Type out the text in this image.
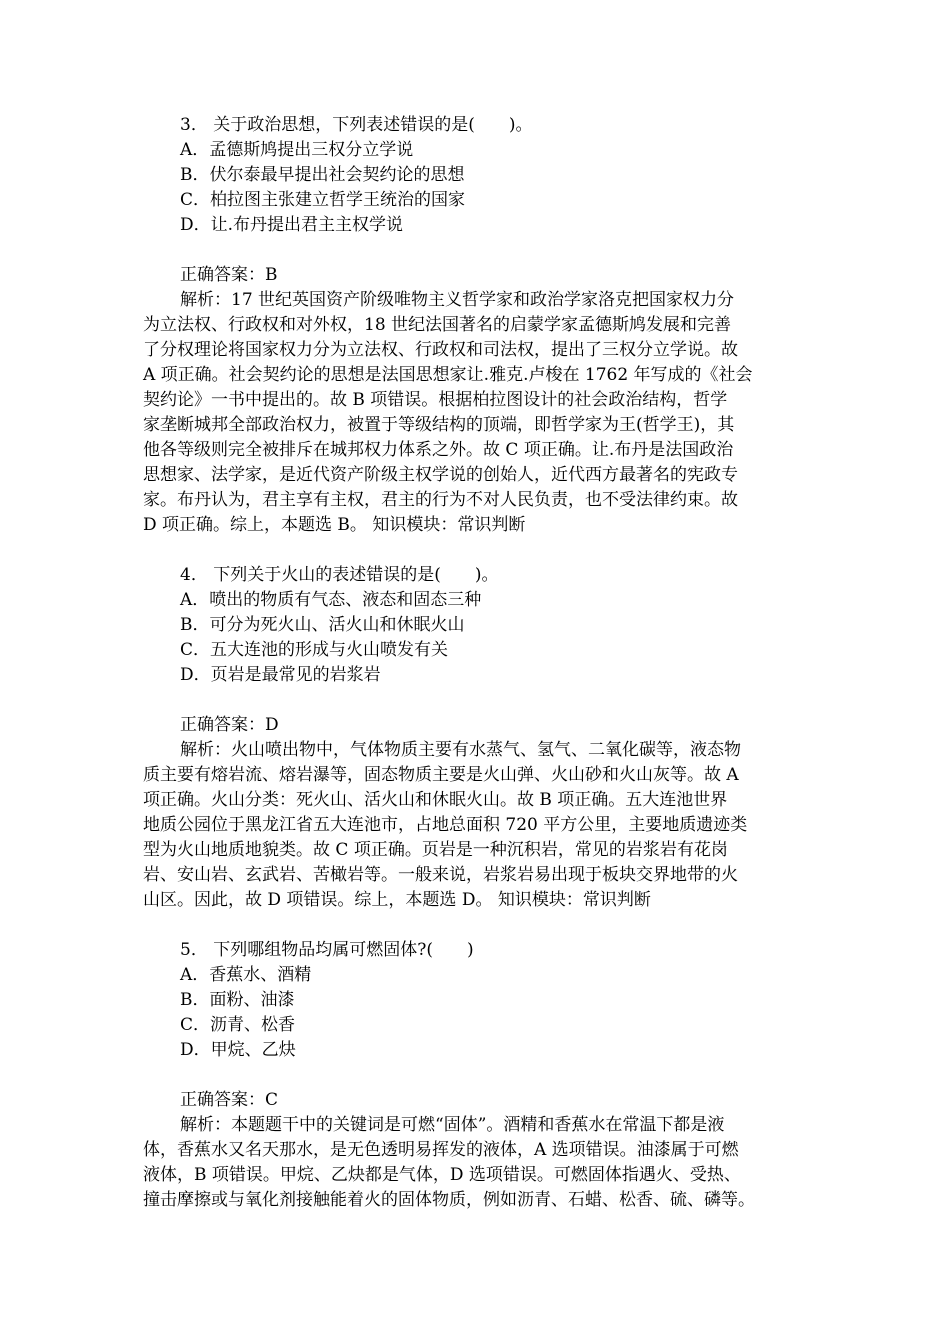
3． 关于政治思想，下列表述错误的是(　　)。

A．孟德斯鸠提出三权分立学说

B．伏尔泰最早提出社会契约论的思想

C．柏拉图主张建立哲学王统治的国家

D．让.布丹提出君主主权学说

正确答案：B

解析：17 世纪英国资产阶级唯物主义哲学家和政治学家洛克把国家权力分

为立法权、行政权和对外权，18 世纪法国著名的启蒙学家孟德斯鸠发展和完善

了分权理论将国家权力分为立法权、行政权和司法权，提出了三权分立学说。故

A 项正确。社会契约论的思想是法国思想家让.雅克.卢梭在 1762 年写成的《社会

契约论》一书中提出的。故 B 项错误。根据柏拉图设计的社会政治结构，哲学

家垄断城邦全部政治权力，被置于等级结构的顶端，即哲学家为王(哲学王)，其

他各等级则完全被排斥在城邦权力体系之外。故 C 项正确。让.布丹是法国政治

思想家、法学家，是近代资产阶级主权学说的创始人，近代西方最著名的宪政专

家。布丹认为，君主享有主权，君主的行为不对人民负责，也不受法律约束。故

D 项正确。综上，本题选 B。 知识模块：常识判断

4． 下列关于火山的表述错误的是(　　)。

A．喷出的物质有气态、液态和固态三种

B．可分为死火山、活火山和休眠火山

C．五大连池的形成与火山喷发有关

D．页岩是最常见的岩浆岩

正确答案：D

解析：火山喷出物中，气体物质主要有水蒸气、氢气、二氧化碳等，液态物

质主要有熔岩流、熔岩瀑等，固态物质主要是火山弹、火山砂和火山灰等。故 A

项正确。火山分类：死火山、活火山和休眠火山。故 B 项正确。五大连池世界

地质公园位于黑龙江省五大连池市，占地总面积 720 平方公里，主要地质遗迹类

型为火山地质地貌类。故 C 项正确。页岩是一种沉积岩，常见的岩浆岩有花岗

岩、安山岩、玄武岩、苦橄岩等。一般来说，岩浆岩易出现于板块交界地带的火

山区。因此，故 D 项错误。综上，本题选 D。 知识模块：常识判断

5． 下列哪组物品均属可燃固体?(　　)

A．香蕉水、酒精

B．面粉、油漆

C．沥青、松香

D．甲烷、乙炔

正确答案：C

解析：本题题干中的关键词是可燃“固体”。酒精和香蕉水在常温下都是液

体，香蕉水又名天那水，是无色透明易挥发的液体，A 选项错误。油漆属于可燃

液体，B 项错误。甲烷、乙炔都是气体，D 选项错误。可燃固体指遇火、受热、

撞击摩擦或与氧化剂接触能着火的固体物质，例如沥青、石蜡、松香、硫、磷等。
